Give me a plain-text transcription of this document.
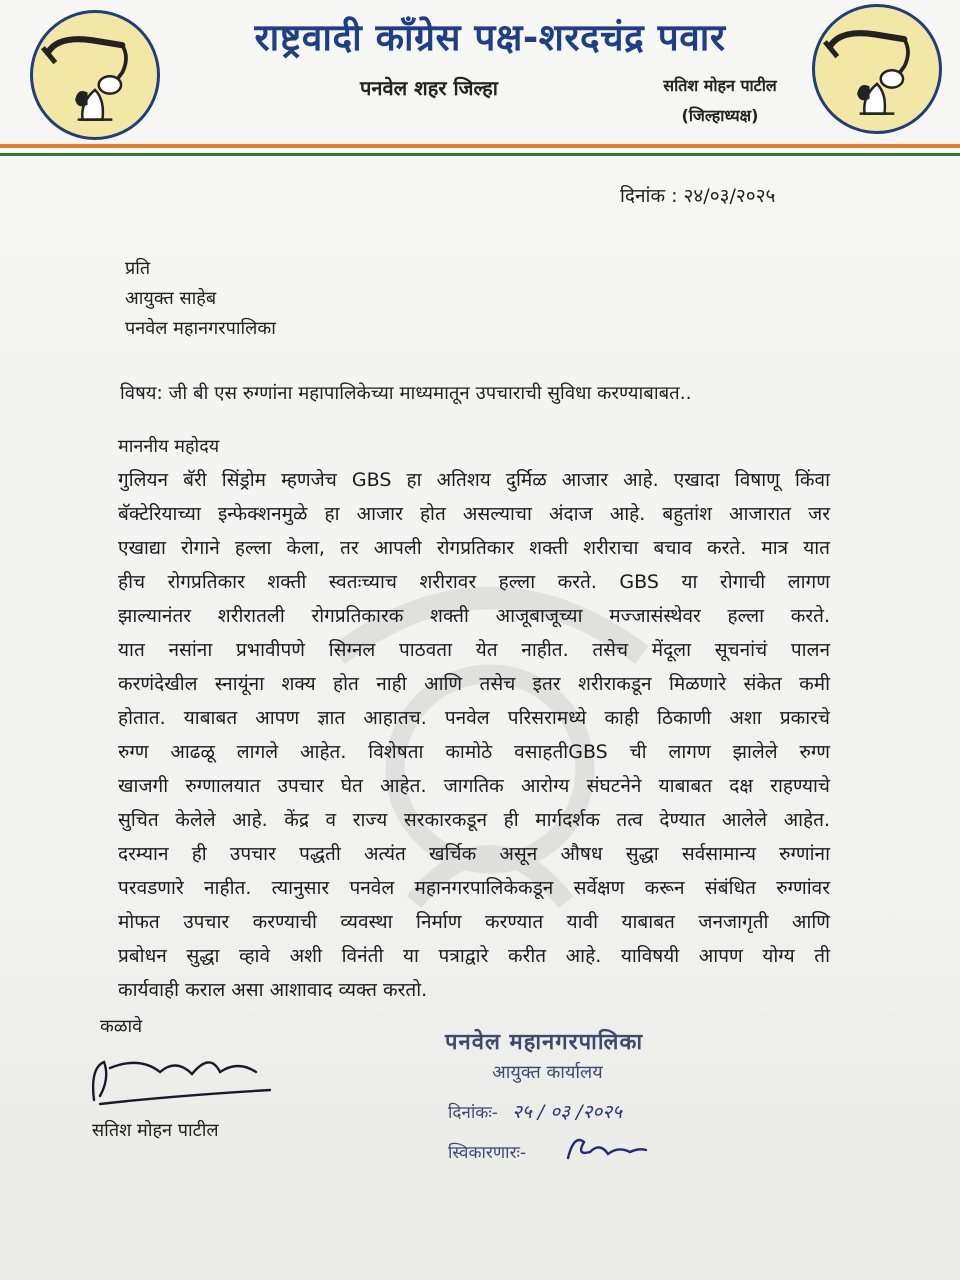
राष्ट्रवादी काँग्रेस पक्ष-शरदचंद्र पवार
पनवेल शहर जिल्हा	सतिश मोहन पाटील
(जिल्हाध्यक्ष)
दिनांक : २४/०३/२०२५
प्रति
आयुक्त साहेब
पनवेल महानगरपालिका
विषय: जी बी एस रुग्णांना महापालिकेच्या माध्यमातून उपचाराची सुविधा करण्याबाबत..
माननीय महोदय
गुलियन बॅरी सिंड्रोम म्हणजेच GBS हा अतिशय दुर्मिळ आजार आहे. एखादा विषाणू किंवा
बॅक्टेरियाच्या इन्फेक्शनमुळे हा आजार होत असल्याचा अंदाज आहे. बहुतांश आजारात जर
एखाद्या रोगाने हल्ला केला, तर आपली रोगप्रतिकार शक्ती शरीराचा बचाव करते. मात्र यात
हीच रोगप्रतिकार शक्ती स्वतःच्याच शरीरावर हल्ला करते. GBS या रोगाची लागण
झाल्यानंतर शरीरातली रोगप्रतिकारक शक्ती आजूबाजूच्या मज्जासंस्थेवर हल्ला करते.
यात नसांना प्रभावीपणे सिग्नल पाठवता येत नाहीत. तसेच मेंदूला सूचनांचं पालन
करणंदेखील स्नायूंना शक्य होत नाही आणि तसेच इतर शरीराकडून मिळणारे संकेत कमी
होतात. याबाबत आपण ज्ञात आहातच. पनवेल परिसरामध्ये काही ठिकाणी अशा प्रकारचे
रुग्ण आढळू लागले आहेत. विशेषता कामोठे वसाहतीGBS ची लागण झालेले रुग्ण
खाजगी रुग्णालयात उपचार घेत आहेत. जागतिक आरोग्य संघटनेने याबाबत दक्ष राहण्याचे
सुचित केलेले आहे. केंद्र व राज्य सरकारकडून ही मार्गदर्शक तत्व देण्यात आलेले आहेत.
दरम्यान ही उपचार पद्धती अत्यंत खर्चिक असून औषध सुद्धा सर्वसामान्य रुग्णांना
परवडणारे नाहीत. त्यानुसार पनवेल महानगरपालिकेकडून सर्वेक्षण करून संबंधित रुग्णांवर
मोफत उपचार करण्याची व्यवस्था निर्माण करण्यात यावी याबाबत जनजागृती आणि
प्रबोधन सुद्धा व्हावे अशी विनंती या पत्राद्वारे करीत आहे. याविषयी आपण योग्य ती
कार्यवाही कराल असा आशावाद व्यक्त करतो.
कळावे
सतिश मोहन पाटील
पनवेल महानगरपालिका
आयुक्त कार्यालय
दिनांकः- २५ / ०३ /२०२५
स्विकारणारः-
